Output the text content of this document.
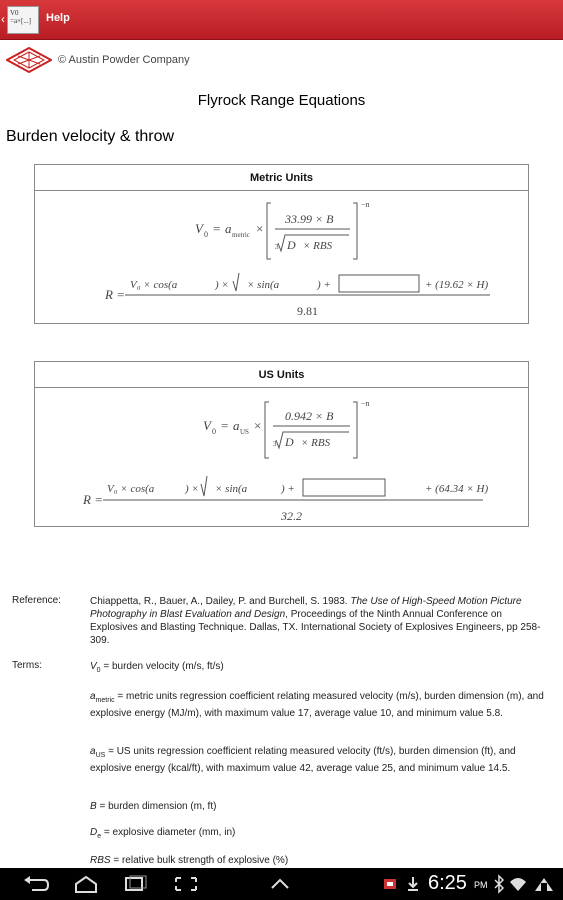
‹ V0 =a×[...]	Help
© Austin Powder Company
Flyrock Range Equations
Burden velocity & throw
Metric Units
V 0 = a metric ×
−n
33.99 × B
3 D × RBS
R =
V₀ × cos(a	) × × sin(a	) +	+ (19.62 × H)
9.81
US Units
V 0 = a US ×
−n
0.942 × B
3 D × RBS
R =
V₀ × cos(a	) × × sin(a	) +	+ (64.34 × H)
32.2
Reference:	Chiappetta, R., Bauer, A., Dailey, P. and Burchell, S. 1983. The Use of High-Speed Motion Picture Photography in Blast Evaluation and Design, Proceedings of the Ninth Annual Conference on Explosives and Blasting Technique. Dallas, TX. International Society of Explosives Engineers, pp 258-309.
Terms:	$V_0$ = burden velocity (m/s, ft/s)
$a_{metric}$ = metric units regression coefficient relating measured velocity (m/s), burden dimension (m), and explosive energy (MJ/m), with maximum value 17, average value 10, and minimum value 5.8.
$a_{US}$ = US units regression coefficient relating measured velocity (ft/s), burden dimension (ft), and explosive energy (kcal/ft), with maximum value 42, average value 25, and minimum value 14.5.
B = burden dimension (m, ft)
$D_e$ = explosive diameter (mm, in)
RBS = relative bulk strength of explosive (%)
6:25 PM
